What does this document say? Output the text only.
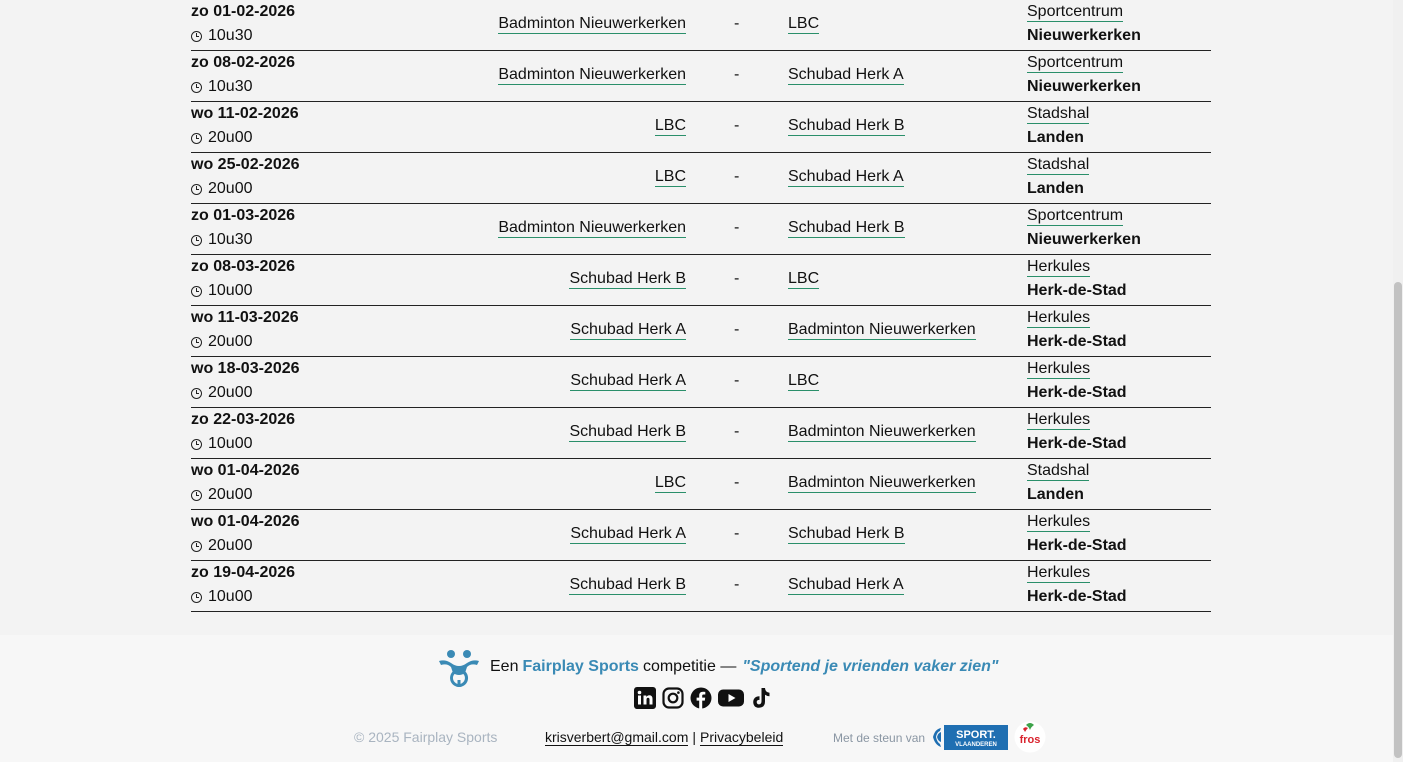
zo 01-02-2026
10u30
Badminton Nieuwerkerken	-	LBC
Sportcentrum
Nieuwerkerken
zo 08-02-2026
10u30
Badminton Nieuwerkerken	-	Schubad Herk A
Sportcentrum
Nieuwerkerken
wo 11-02-2026
20u00
LBC	-	Schubad Herk B
Stadshal
Landen
wo 25-02-2026
20u00
LBC	-	Schubad Herk A
Stadshal
Landen
zo 01-03-2026
10u30
Badminton Nieuwerkerken	-	Schubad Herk B
Sportcentrum
Nieuwerkerken
zo 08-03-2026
10u00
Schubad Herk B	-	LBC
Herkules
Herk-de-Stad
wo 11-03-2026
20u00
Schubad Herk A	-	Badminton Nieuwerkerken
Herkules
Herk-de-Stad
wo 18-03-2026
20u00
Schubad Herk A	-	LBC
Herkules
Herk-de-Stad
zo 22-03-2026
10u00
Schubad Herk B	-	Badminton Nieuwerkerken
Herkules
Herk-de-Stad
wo 01-04-2026
20u00
LBC	-	Badminton Nieuwerkerken
Stadshal
Landen
wo 01-04-2026
20u00
Schubad Herk A	-	Schubad Herk B
Herkules
Herk-de-Stad
zo 19-04-2026
10u00
Schubad Herk B	-	Schubad Herk A
Herkules
Herk-de-Stad
Een Fairplay Sports competitie — "Sportend je vrienden vaker zien"
© 2025 Fairplay Sports	krisverbert@gmail.com | Privacybeleid	Met de steun van	SPORT.
VLAANDEREN fros
